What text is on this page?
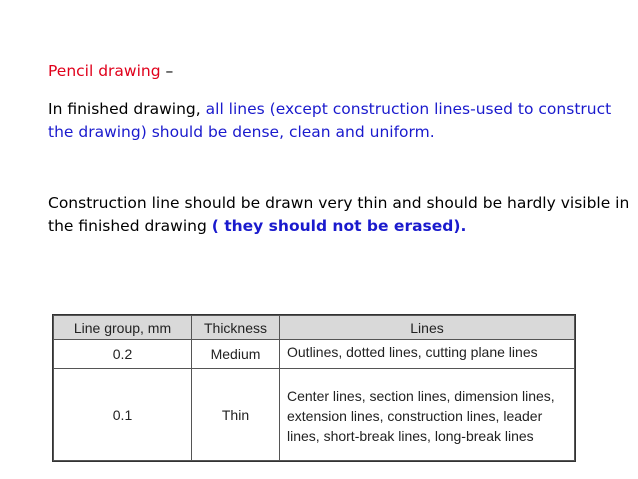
Pencil drawing –
In finished drawing, all lines (except construction lines-used to construct the drawing) should be dense, clean and uniform.
Construction line should be drawn very thin and should be hardly visible in the finished drawing ( they should not be erased).
Line group, mm	Thickness	Lines
0.2	Medium	Outlines, dotted lines, cutting plane lines
0.1	Thin	Center lines, section lines, dimension lines, extension lines, construction lines, leader lines, short-break lines, long-break lines
